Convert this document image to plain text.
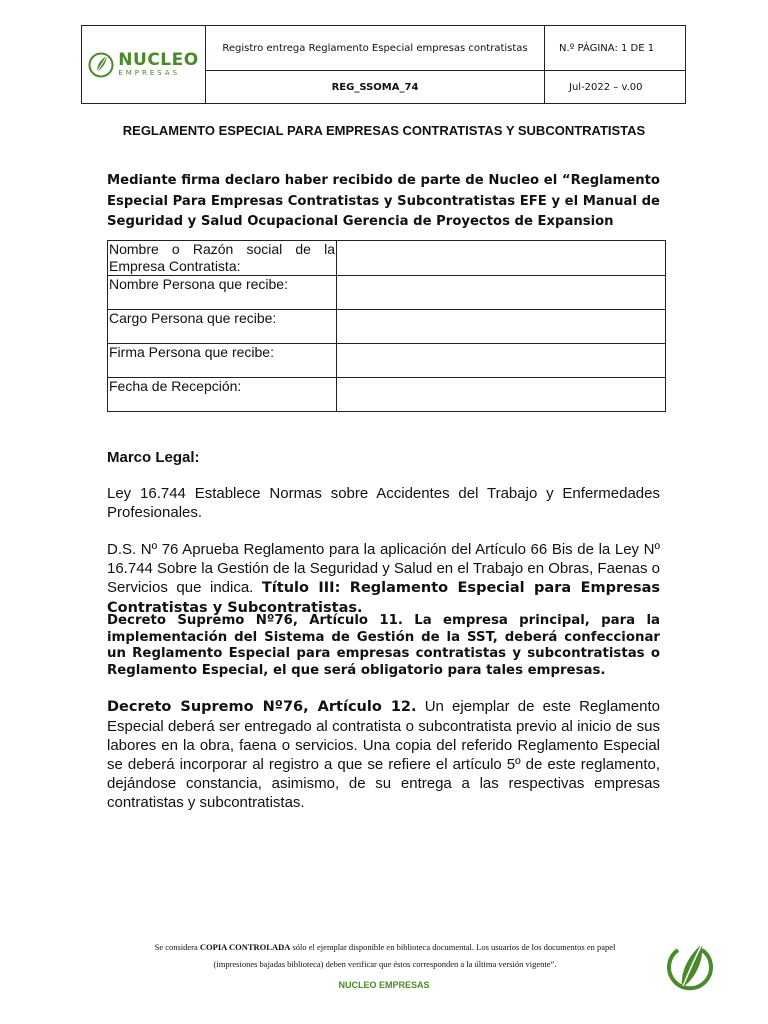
NUCLEO
EMPRESAS
Registro entrega Reglamento Especial empresas contratistas	N.º PÁGINA: 1 DE 1
REG_SSOMA_74	Jul-2022 – v.00
REGLAMENTO ESPECIAL PARA EMPRESAS CONTRATISTAS Y SUBCONTRATISTAS
Mediante firma declaro haber recibido de parte de Nucleo el “Reglamento Especial Para Empresas Contratistas y Subcontratistas EFE y el Manual de Seguridad y Salud Ocupacional Gerencia de Proyectos de Expansion
Nombre o Razón social de la Empresa Contratista:	
Nombre Persona que recibe:	
Cargo Persona que recibe:	
Firma Persona que recibe:	
Fecha de Recepción:	
Marco Legal:
Ley 16.744 Establece Normas sobre Accidentes del Trabajo y Enfermedades Profesionales.
D.S. Nº 76 Aprueba Reglamento para la aplicación del Artículo 66 Bis de la Ley Nº 16.744 Sobre la Gestión de la Seguridad y Salud en el Trabajo en Obras, Faenas o Servicios que indica. Título III: Reglamento Especial para Empresas Contratistas y Subcontratistas.
Decreto Supremo Nº76, Artículo 11. La empresa principal, para la implementación del Sistema de Gestión de la SST, deberá confeccionar un Reglamento Especial para empresas contratistas y subcontratistas o Reglamento Especial, el que será obligatorio para tales empresas.
Decreto Supremo Nº76, Artículo 12. Un ejemplar de este Reglamento Especial deberá ser entregado al contratista o subcontratista previo al inicio de sus labores en la obra, faena o servicios. Una copia del referido Reglamento Especial se deberá incorporar al registro a que se refiere el artículo 5º de este reglamento, dejándose constancia, asimismo, de su entrega a las respectivas empresas contratistas y subcontratistas.
Se considera COPIA CONTROLADA sólo el ejemplar disponible en biblioteca documental. Los usuarios de los documentos en papel (impresiones bajadas biblioteca) deben verificar que éstos corresponden a la última versión vigente”.
NUCLEO EMPRESAS
